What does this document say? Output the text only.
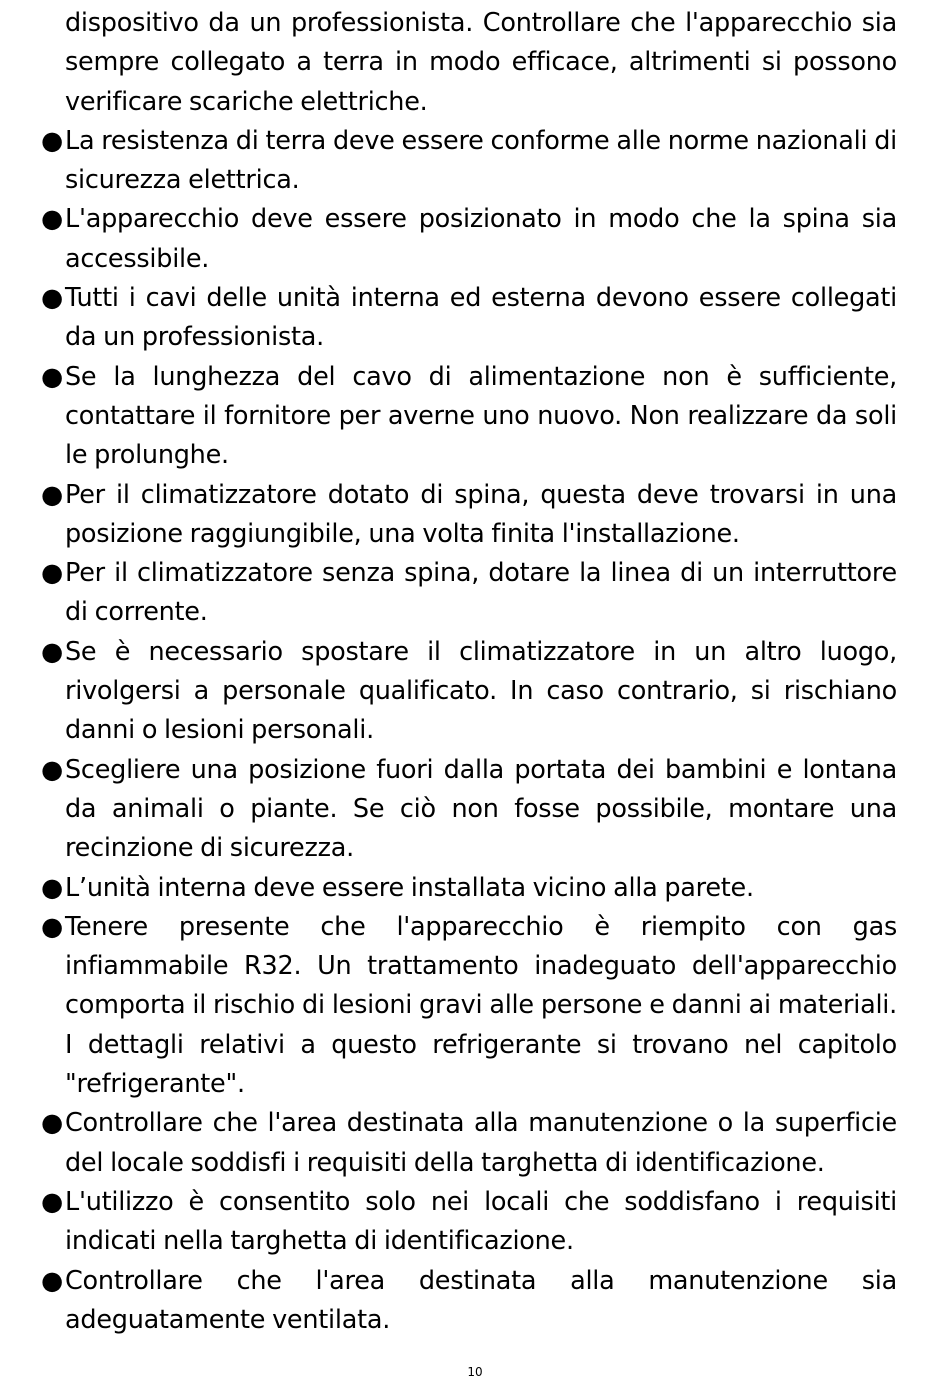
dispositivo da un professionista. Controllare che l'apparecchio sia sempre collegato a terra in modo efficace, altrimenti si possono verificare scariche elettriche.

● La resistenza di terra deve essere conforme alle norme nazionali di sicurezza elettrica.
● L'apparecchio deve essere posizionato in modo che la spina sia accessibile.
● Tutti i cavi delle unità interna ed esterna devono essere collegati da un professionista.
● Se la lunghezza del cavo di alimentazione non è sufficiente, contattare il fornitore per averne uno nuovo. Non realizzare da soli le prolunghe.
● Per il climatizzatore dotato di spina, questa deve trovarsi in una posizione raggiungibile, una volta finita l'installazione.
● Per il climatizzatore senza spina, dotare la linea di un interruttore di corrente.
● Se è necessario spostare il climatizzatore in un altro luogo, rivolgersi a personale qualificato. In caso contrario, si rischiano danni o lesioni personali.
● Scegliere una posizione fuori dalla portata dei bambini e lontana da animali o piante. Se ciò non fosse possibile, montare una recinzione di sicurezza.
● L’unità interna deve essere installata vicino alla parete.
● Tenere presente che l'apparecchio è riempito con gas infiammabile R32. Un trattamento inadeguato dell'apparecchio comporta il rischio di lesioni gravi alle persone e danni ai materiali. I dettagli relativi a questo refrigerante si trovano nel capitolo "refrigerante".
● Controllare che l'area destinata alla manutenzione o la superficie del locale soddisfi i requisiti della targhetta di identificazione.
● L'utilizzo è consentito solo nei locali che soddisfano i requisiti indicati nella targhetta di identificazione.
● Controllare che l'area destinata alla manutenzione sia adeguatamente ventilata.
10
